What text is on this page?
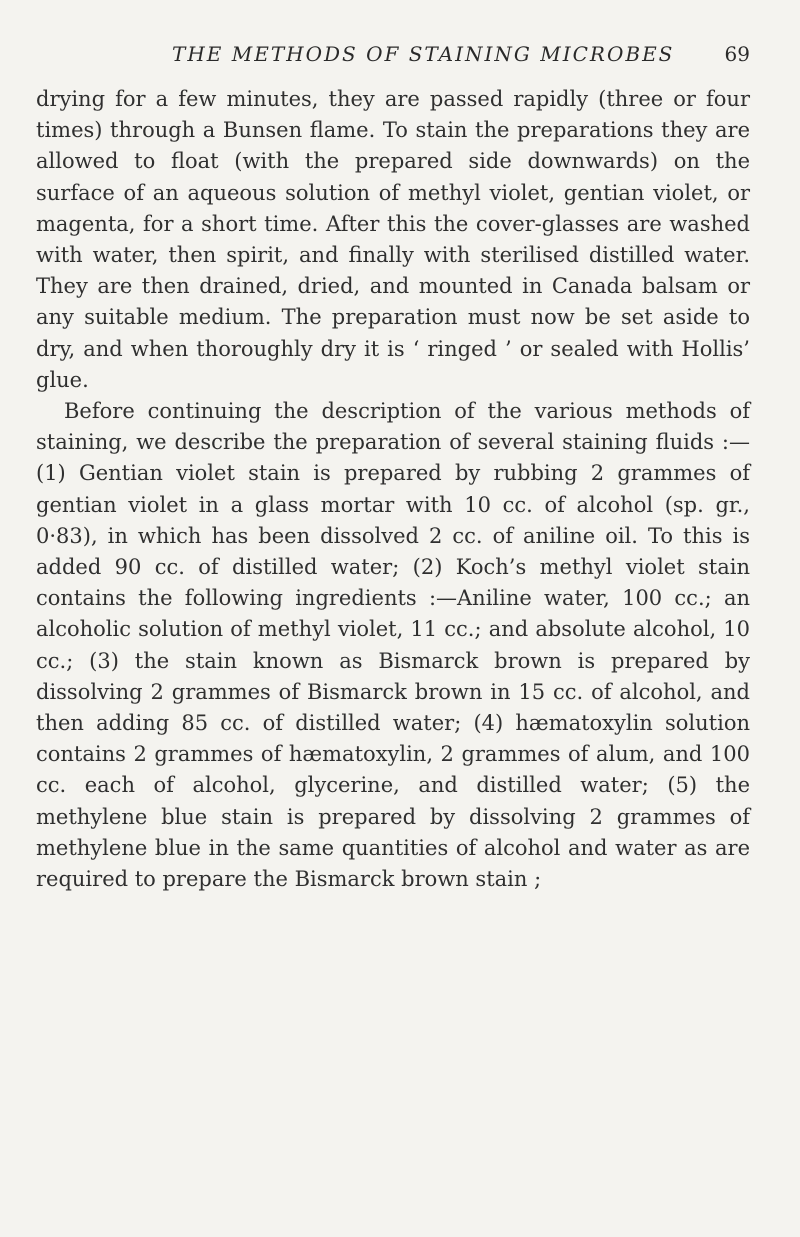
THE METHODS OF STAINING MICROBES	69

drying for a few minutes, they are passed rapidly (three or four times) through a Bunsen flame. To stain the preparations they are allowed to float (with the prepared side downwards) on the surface of an aqueous solution of methyl violet, gentian violet, or magenta, for a short time. After this the cover-glasses are washed with water, then spirit, and finally with sterilised distilled water. They are then drained, dried, and mounted in Canada balsam or any suitable medium. The preparation must now be set aside to dry, and when thoroughly dry it is ‘ ringed ’ or sealed with Hollis’ glue.

Before continuing the description of the various methods of staining, we describe the preparation of several staining fluids :—(1) Gentian violet stain is prepared by rubbing 2 grammes of gentian violet in a glass mortar with 10 cc. of alcohol (sp. gr., 0·83), in which has been dissolved 2 cc. of aniline oil. To this is added 90 cc. of distilled water; (2) Koch’s methyl violet stain contains the following ingredients :—Aniline water, 100 cc.; an alcoholic solution of methyl violet, 11 cc.; and absolute alcohol, 10 cc.; (3) the stain known as Bismarck brown is prepared by dissolving 2 grammes of Bismarck brown in 15 cc. of alcohol, and then adding 85 cc. of distilled water; (4) hæmatoxylin solution contains 2 grammes of hæmatoxylin, 2 grammes of alum, and 100 cc. each of alcohol, glycerine, and distilled water; (5) the methylene blue stain is prepared by dissolving 2 grammes of methylene blue in the same quantities of alcohol and water as are required to prepare the Bismarck brown stain ;
